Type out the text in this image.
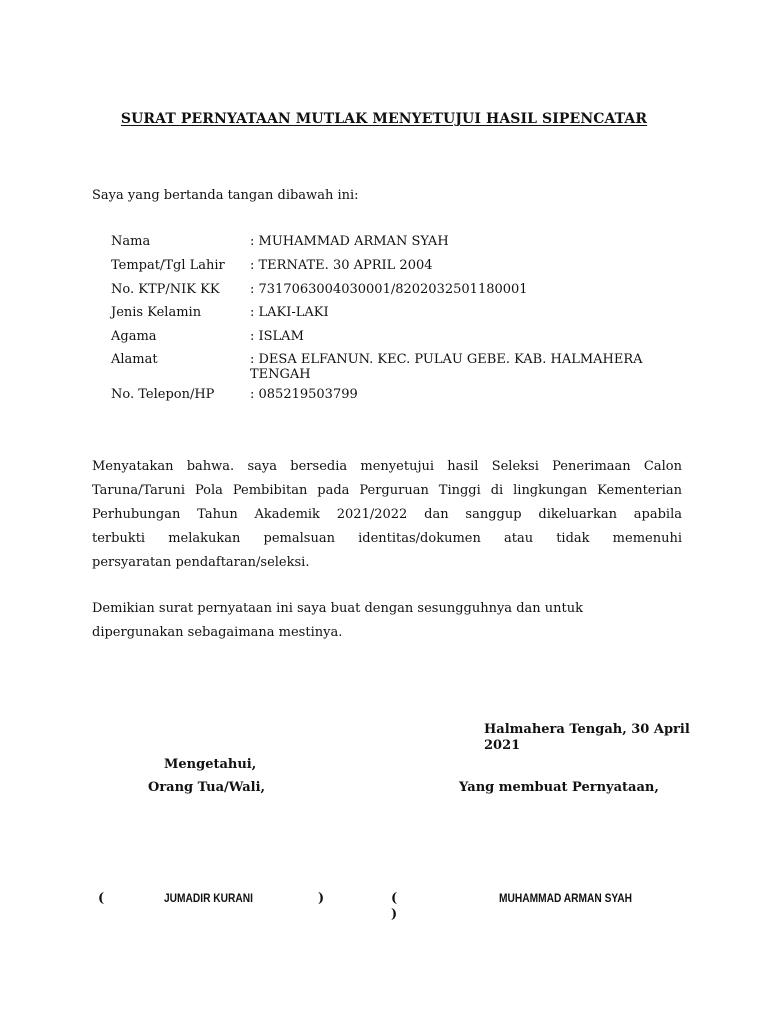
SURAT PERNYATAAN MUTLAK MENYETUJUI HASIL SIPENCATAR
Saya yang bertanda tangan dibawah ini:
Nama	: MUHAMMAD ARMAN SYAH
Tempat/Tgl Lahir : TERNATE. 30 APRIL 2004
No. KTP/NIK KK : 7317063004030001/8202032501180001
Jenis Kelamin	: LAKI-LAKI
Agama	: ISLAM
Alamat	: DESA ELFANUN. KEC. PULAU GEBE. KAB. HALMAHERA
TENGAH
No. Telepon/HP	: 085219503799
Menyatakan bahwa. saya bersedia menyetujui hasil Seleksi Penerimaan Calon
Taruna/Taruni Pola Pembibitan pada Perguruan Tinggi di lingkungan Kementerian
Perhubungan Tahun Akademik 2021/2022 dan sanggup dikeluarkan apabila
terbukti melakukan pemalsuan identitas/dokumen atau tidak memenuhi
persyaratan pendaftaran/seleksi.
Demikian surat pernyataan ini saya buat dengan sesungguhnya dan untuk
dipergunakan sebagaimana mestinya.
Halmahera Tengah, 30 April
2021
Mengetahui,
Orang Tua/Wali,	Yang membuat Pernyataan,
(	JUMADIR KURANI	)	(	MUHAMMAD ARMAN SYAH
)
